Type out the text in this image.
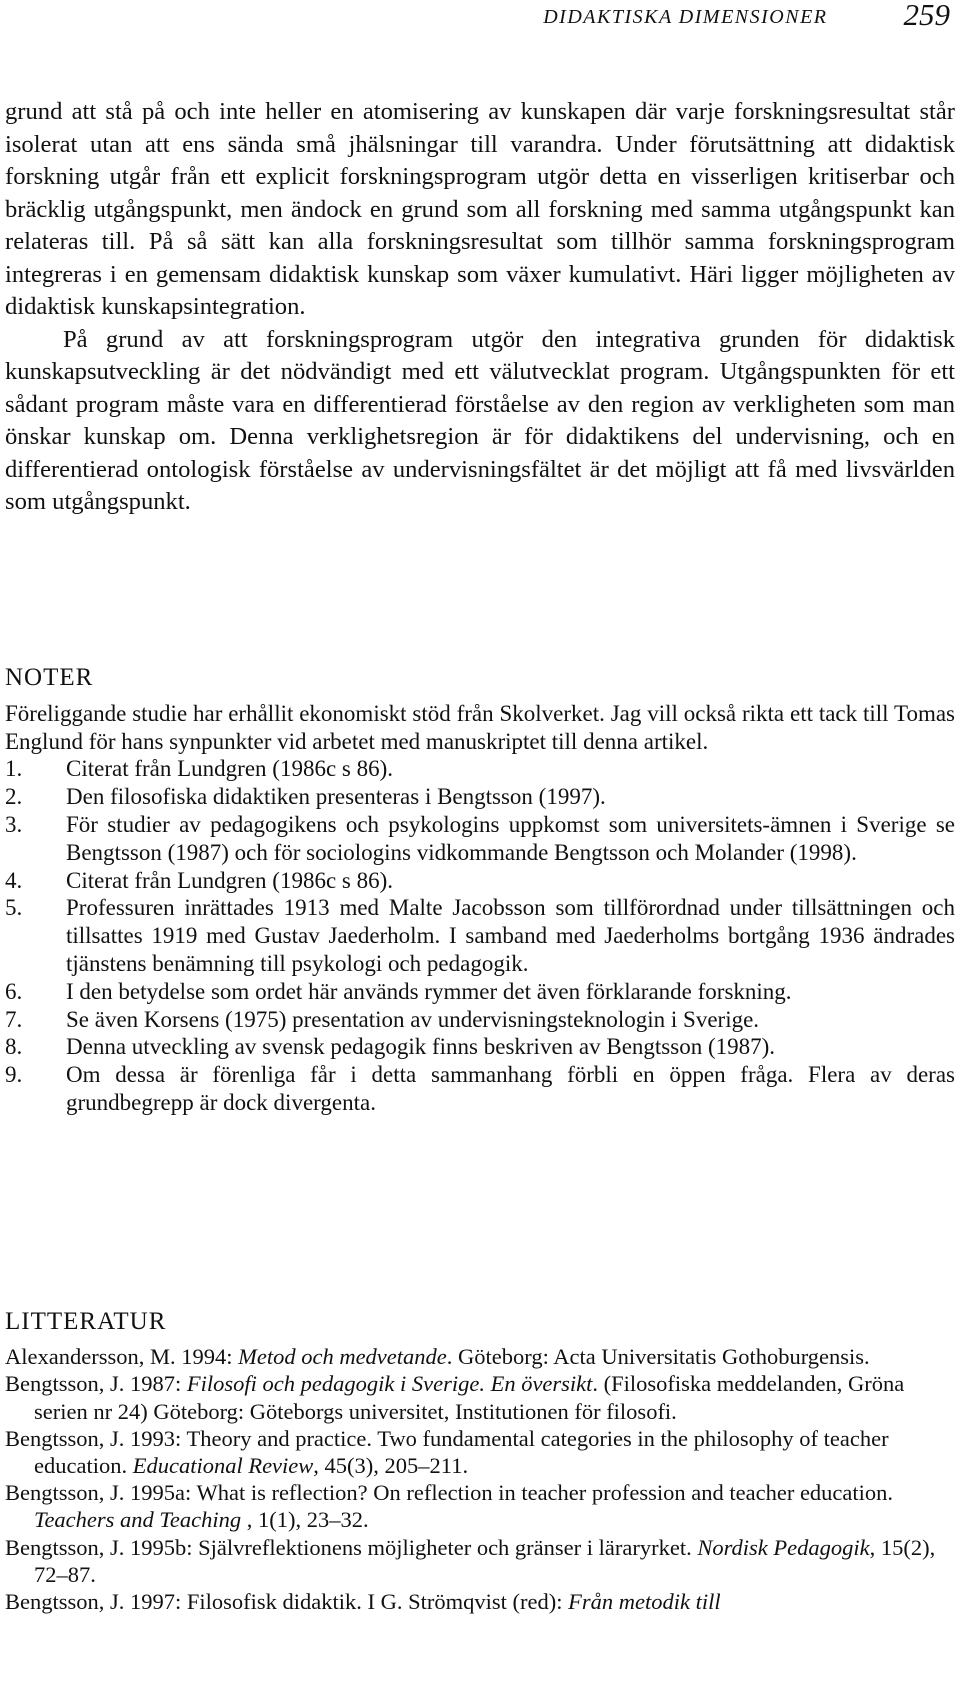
DIDAKTISKA DIMENSIONER 259

grund att stå på och inte heller en atomisering av kunskapen där varje forskningsresultat står isolerat utan att ens sända små jhälsningar till varandra. Under förutsättning att didaktisk forskning utgår från ett explicit forskningsprogram utgör detta en visserligen kritiserbar och bräcklig utgångspunkt, men ändock en grund som all forskning med samma utgångspunkt kan relateras till. På så sätt kan alla forskningsresultat som tillhör samma forskningsprogram integreras i en gemensam didaktisk kunskap som växer kumulativt. Häri ligger möjligheten av didaktisk kunskapsintegration.

På grund av att forskningsprogram utgör den integrativa grunden för didaktisk kunskapsutveckling är det nödvändigt med ett välutvecklat program. Utgångspunkten för ett sådant program måste vara en differentierad förståelse av den region av verkligheten som man önskar kunskap om. Denna verklighetsregion är för didaktikens del undervisning, och en differentierad ontologisk förståelse av undervisningsfältet är det möjligt att få med livsvärlden som utgångspunkt.

NOTER

Föreliggande studie har erhållit ekonomiskt stöd från Skolverket. Jag vill också rikta ett tack till Tomas Englund för hans synpunkter vid arbetet med manuskriptet till denna artikel.

1.	Citerat från Lundgren (1986c s 86).
2.	Den filosofiska didaktiken presenteras i Bengtsson (1997).
3.	För studier av pedagogikens och psykologins uppkomst som universitets-ämnen i Sverige se Bengtsson (1987) och för sociologins vidkommande Bengtsson och Molander (1998).
4.	Citerat från Lundgren (1986c s 86).
5.	Professuren inrättades 1913 med Malte Jacobsson som tillförordnad under tillsättningen och tillsattes 1919 med Gustav Jaederholm. I samband med Jaederholms bortgång 1936 ändrades tjänstens benämning till psykologi och pedagogik.
6.	I den betydelse som ordet här används rymmer det även förklarande forskning.
7.	Se även Korsens (1975) presentation av undervisningsteknologin i Sverige.
8.	Denna utveckling av svensk pedagogik finns beskriven av Bengtsson (1987).
9.	Om dessa är förenliga får i detta sammanhang förbli en öppen fråga. Flera av deras grundbegrepp är dock divergenta.
LITTERATUR

Alexandersson, M. 1994: Metod och medvetande. Göteborg: Acta Universitatis Gothoburgensis.

Bengtsson, J. 1987: Filosofi och pedagogik i Sverige. En översikt. (Filosofiska meddelanden, Gröna serien nr 24) Göteborg: Göteborgs universitet, Institutionen för filosofi.

Bengtsson, J. 1993: Theory and practice. Two fundamental categories in the philosophy of teacher education. Educational Review, 45(3), 205–211.

Bengtsson, J. 1995a: What is reflection? On reflection in teacher profession and teacher education. Teachers and Teaching , 1(1), 23–32.

Bengtsson, J. 1995b: Självreflektionens möjligheter och gränser i läraryrket. Nordisk Pedagogik, 15(2), 72–87.

Bengtsson, J. 1997: Filosofisk didaktik. I G. Strömqvist (red): Från metodik till
